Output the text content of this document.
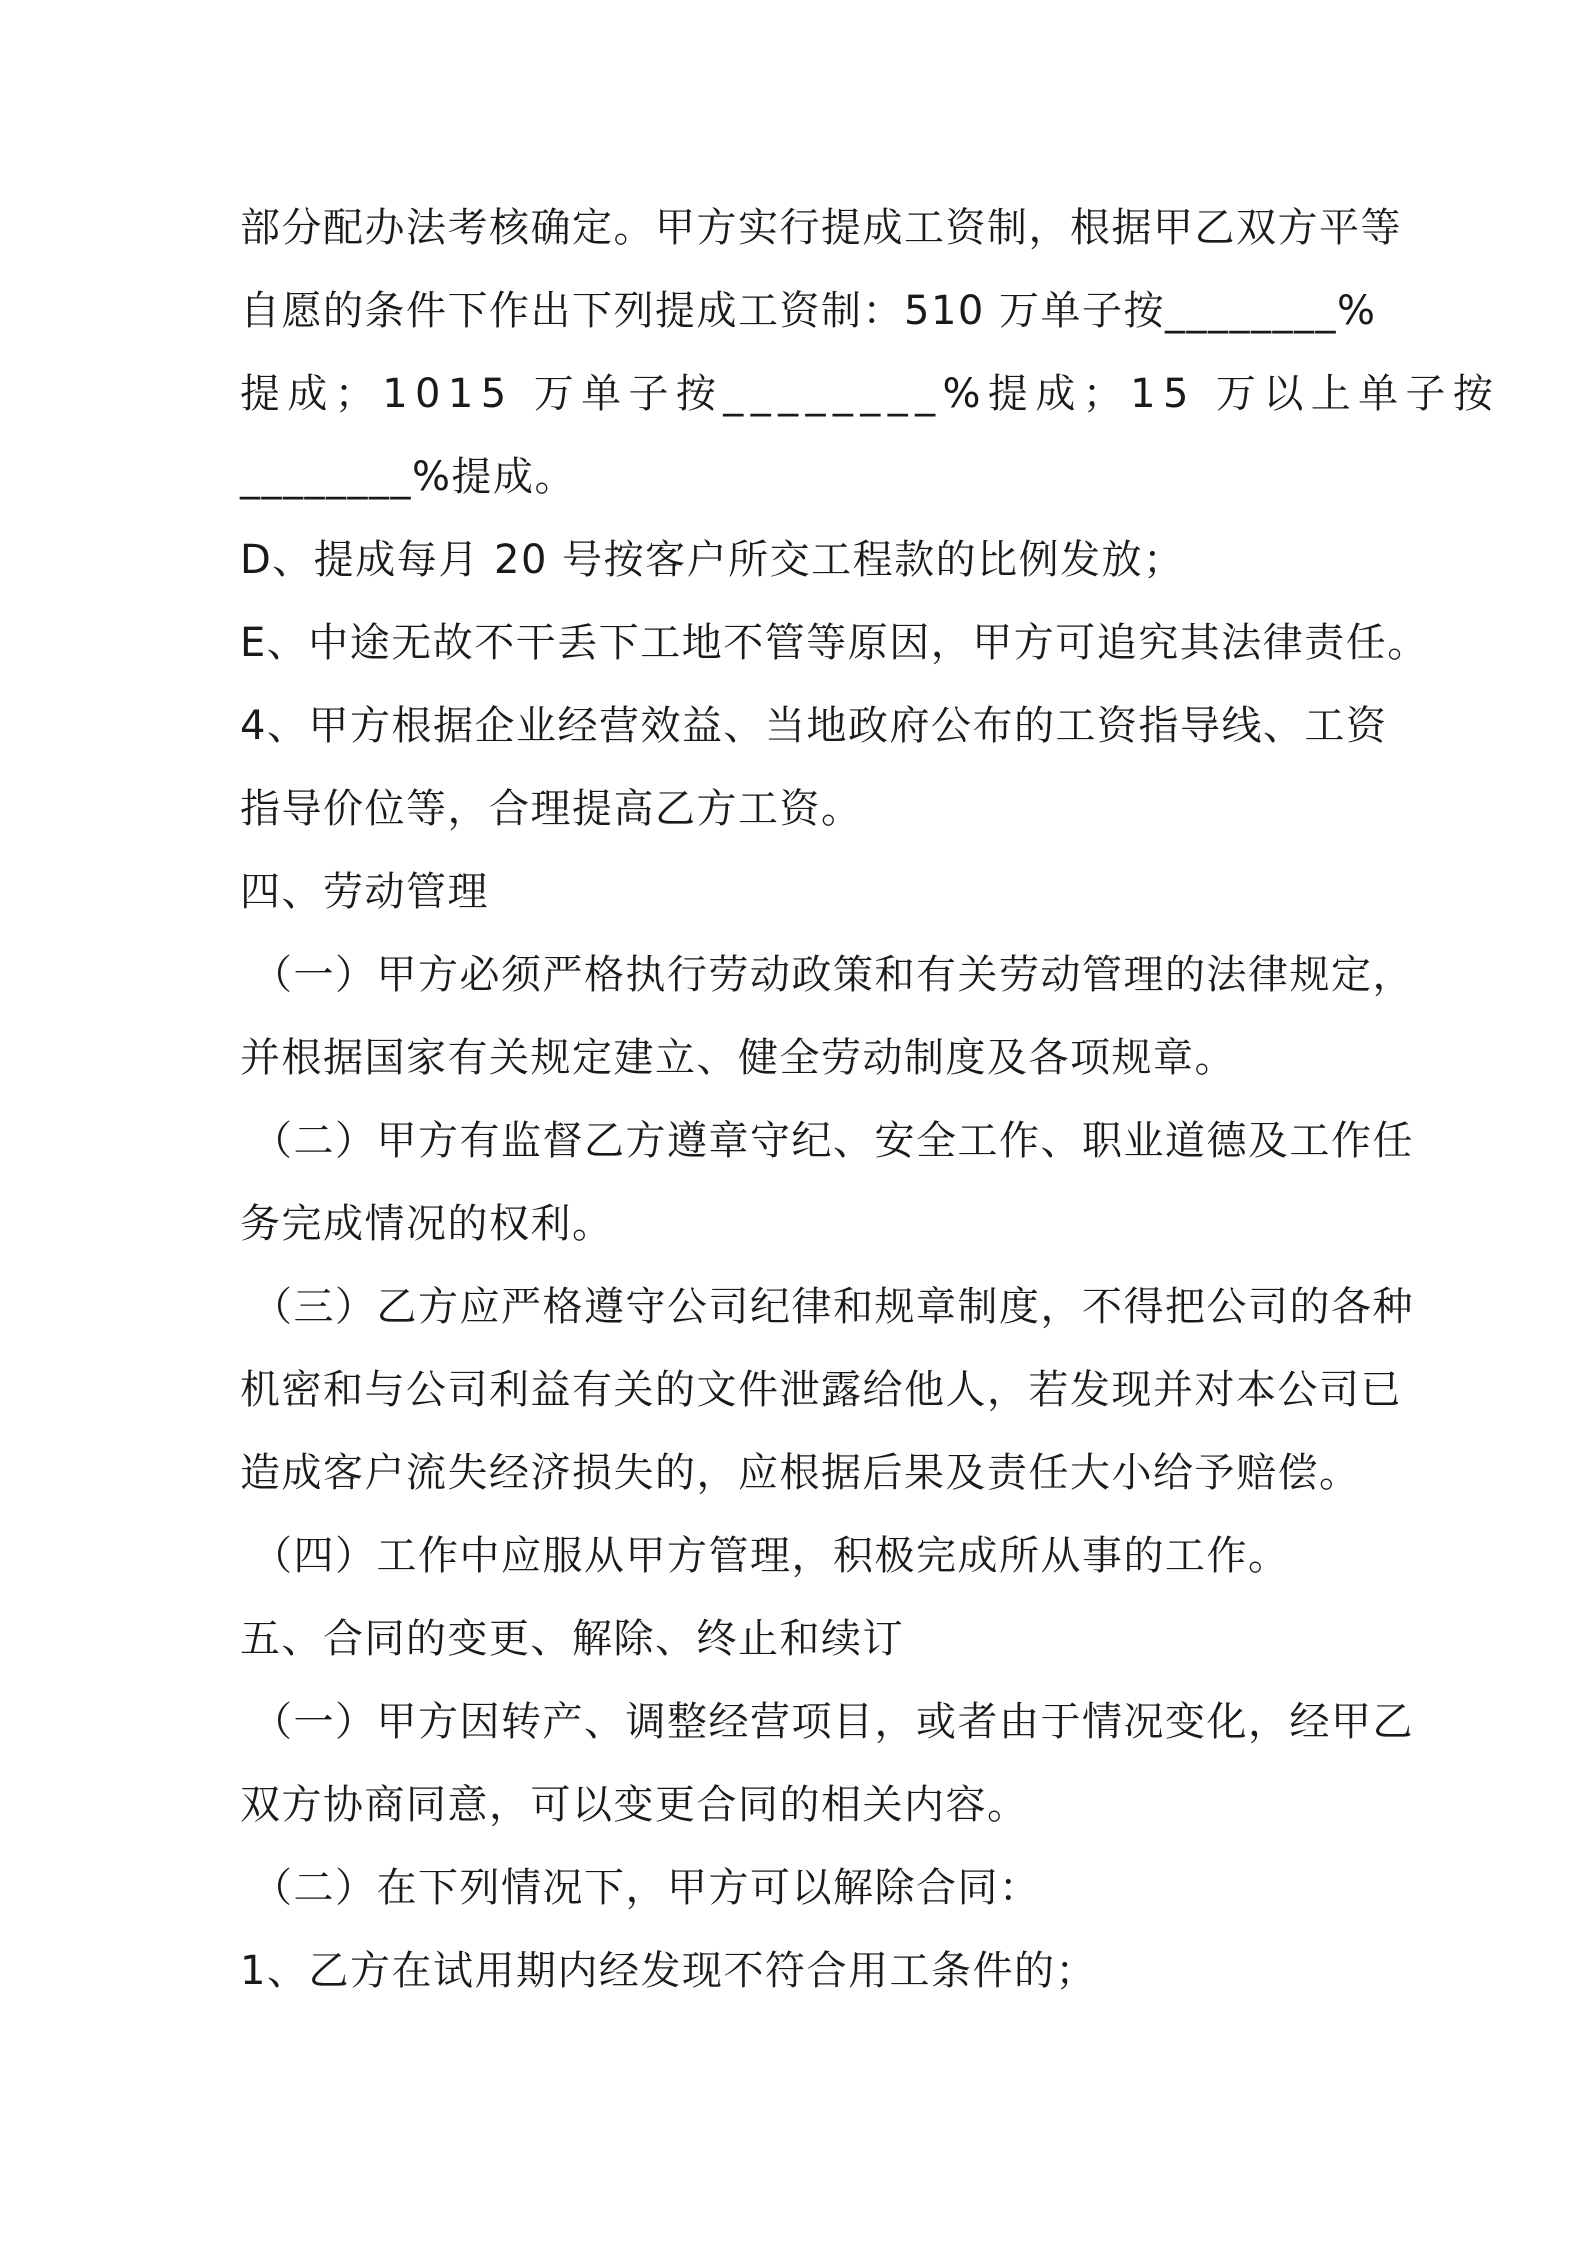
部分配办法考核确定。甲方实行提成工资制，根据甲乙双方平等
自愿的条件下作出下列提成工资制：510 万单子按________%
提成；1015 万单子按________%提成；15 万以上单子按
________%提成。
D、提成每月 20 号按客户所交工程款的比例发放；
E、中途无故不干丢下工地不管等原因，甲方可追究其法律责任。
4、甲方根据企业经营效益、当地政府公布的工资指导线、工资
指导价位等，合理提高乙方工资。
四、劳动管理
（一）甲方必须严格执行劳动政策和有关劳动管理的法律规定，
并根据国家有关规定建立、健全劳动制度及各项规章。
（二）甲方有监督乙方遵章守纪、安全工作、职业道德及工作任
务完成情况的权利。
（三）乙方应严格遵守公司纪律和规章制度，不得把公司的各种
机密和与公司利益有关的文件泄露给他人，若发现并对本公司已
造成客户流失经济损失的，应根据后果及责任大小给予赔偿。
（四）工作中应服从甲方管理，积极完成所从事的工作。
五、合同的变更、解除、终止和续订
（一）甲方因转产、调整经营项目，或者由于情况变化，经甲乙
双方协商同意，可以变更合同的相关内容。
（二）在下列情况下，甲方可以解除合同：
1、乙方在试用期内经发现不符合用工条件的；
